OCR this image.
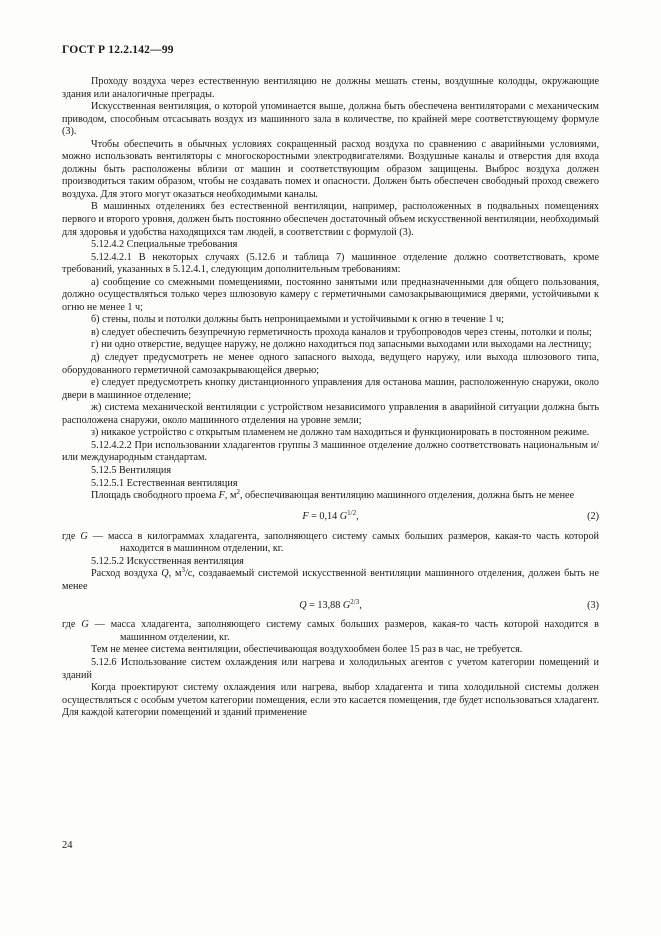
ГОСТ Р 12.2.142—99

Проходу воздуха через естественную вентиляцию не должны мешать стены, воздушные колодцы, окружающие здания или аналогичные преграды.

Искусственная вентиляция, о которой упоминается выше, должна быть обеспечена вентиляторами с механическим приводом, способным отсасывать воздух из машинного зала в количестве, по крайней мере соответствующему формуле (3).

Чтобы обеспечить в обычных условиях сокращенный расход воздуха по сравнению с аварийными условиями, можно использовать вентиляторы с многоскоростными электродвигателями. Воздушные каналы и отверстия для входа должны быть расположены вблизи от машин и соответствующим образом защищены. Выброс воздуха должен производиться таким образом, чтобы не создавать помех и опасности. Должен быть обеспечен свободный проход свежего воздуха. Для этого могут оказаться необходимыми каналы.

В машинных отделениях без естественной вентиляции, например, расположенных в подвальных помещениях первого и второго уровня, должен быть постоянно обеспечен достаточный объем искусственной вентиляции, необходимый для здоровья и удобства находящихся там людей, в соответствии с формулой (3).

5.12.4.2 Специальные требования

5.12.4.2.1 В некоторых случаях (5.12.6 и таблица 7) машинное отделение должно соответствовать, кроме требований, указанных в 5.12.4.1, следующим дополнительным требованиям:

а) сообщение со смежными помещениями, постоянно занятыми или предназначенными для общего пользования, должно осуществляться только через шлюзовую камеру с герметичными самозакрывающимися дверями, устойчивыми к огню не менее 1 ч;

б) стены, полы и потолки должны быть непроницаемыми и устойчивыми к огню в течение 1 ч;

в) следует обеспечить безупречную герметичность прохода каналов и трубопроводов через стены, потолки и полы;

г) ни одно отверстие, ведущее наружу, не должно находиться под запасными выходами или выходами на лестницу;

д) следует предусмотреть не менее одного запасного выхода, ведущего наружу, или выхода шлюзового типа, оборудованного герметичной самозакрывающейся дверью;

е) следует предусмотреть кнопку дистанционного управления для останова машин, расположенную снаружи, около двери в машинное отделение;

ж) система механической вентиляции с устройством независимого управления в аварийной ситуации должна быть расположена снаружи, около машинного отделения на уровне земли;

з) никакое устройство с открытым пламенем не должно там находиться и функционировать в постоянном режиме.

5.12.4.2.2 При использовании хладагентов группы 3 машинное отделение должно соответствовать национальным и/или международным стандартам.

5.12.5 Вентиляция

5.12.5.1 Естественная вентиляция

Площадь свободного проема F, $м^2$, обеспечивающая вентиляцию машинного отделения, должна быть не менее

F = 0,14 $G^{1/2}$,	(2)

где G — масса в килограммах хладагента, заполняющего систему самых больших размеров, какая-то часть которой находится в машинном отделении, кг.

5.12.5.2 Искусственная вентиляция

Расход воздуха Q, $м^3/с$, создаваемый системой искусственной вентиляции машинного отделения, должен быть не менее

Q = 13,88 $G^{2/3}$,	(3)

где G — масса хладагента, заполняющего систему самых больших размеров, какая-то часть которой находится в машинном отделении, кг.

Тем не менее система вентиляции, обеспечивающая воздухообмен более 15 раз в час, не требуется.

5.12.6 Использование систем охлаждения или нагрева и холодильных агентов с учетом категории помещений и зданий

Когда проектируют систему охлаждения или нагрева, выбор хладагента и типа холодильной системы должен осуществляться с особым учетом категории помещения, если это касается помещения, где будет использоваться хладагент. Для каждой категории помещений и зданий применение

24
